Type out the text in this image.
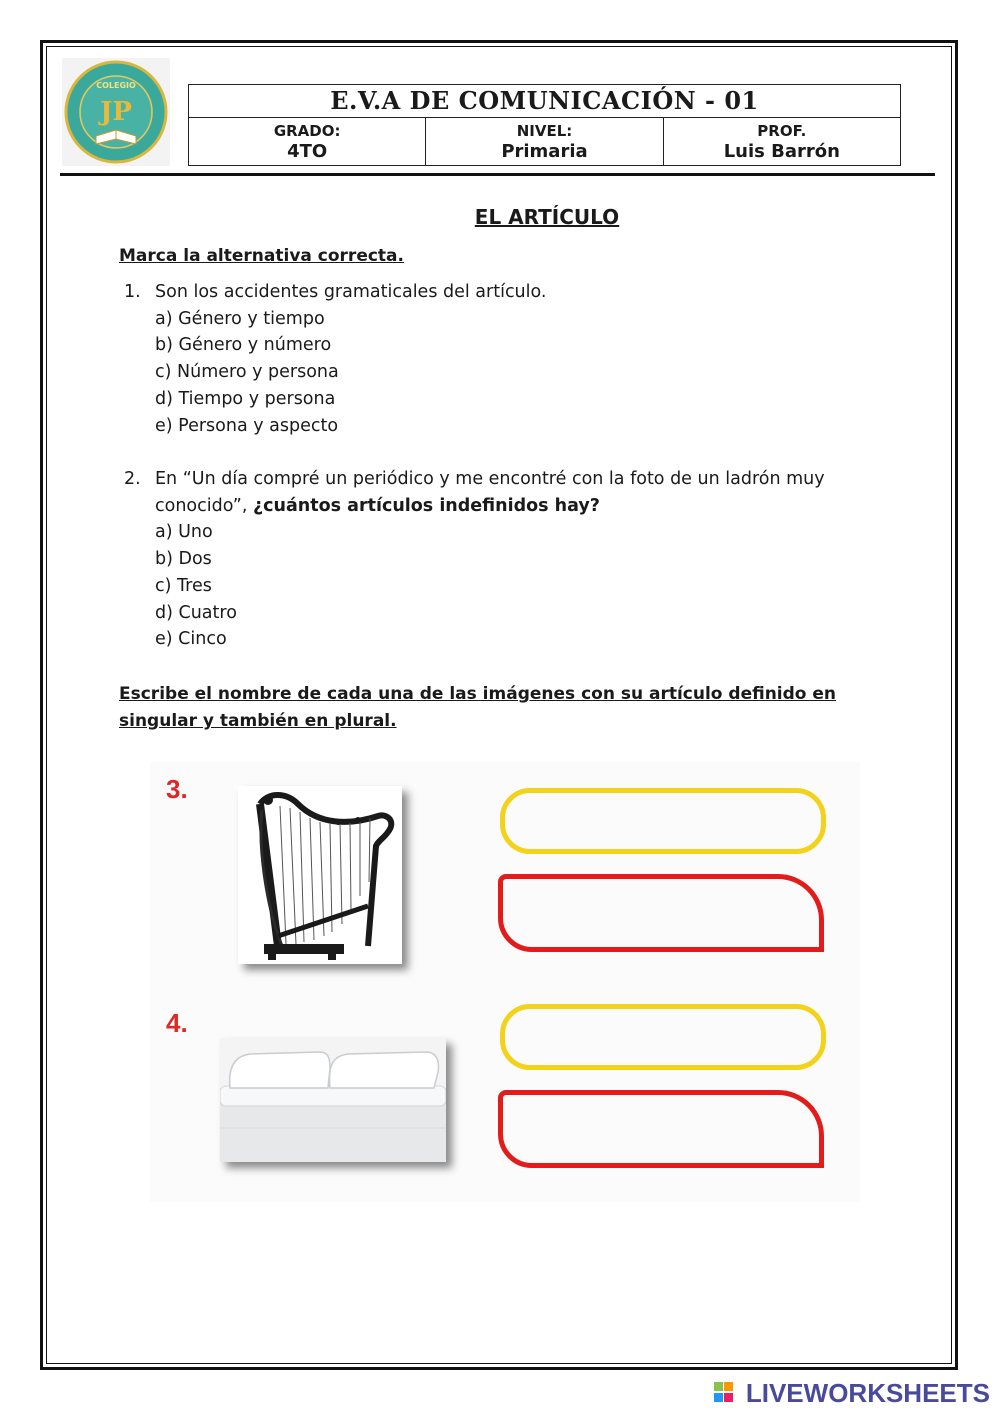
COLEGIO
JP	E.V.A DE COMUNICACIÓN - 01
GRADO:
4TO
NIVEL:
Primaria
PROF.
Luis Barrón
EL ARTÍCULO
Marca la alternativa correcta.
1. Son los accidentes gramaticales del artículo.
a) Género y tiempo
b) Género y número
c) Número y persona
d) Tiempo y persona
e) Persona y aspecto
2. En “Un día compré un periódico y me encontré con la foto de un ladrón muy
conocido”, ¿cuántos artículos indefinidos hay?
a) Uno
b) Dos
c) Tres
d) Cuatro
e) Cinco
Escribe el nombre de cada una de las imágenes con su artículo definido en
singular y también en plural.
3.
4.
LIVEWORKSHEETS
